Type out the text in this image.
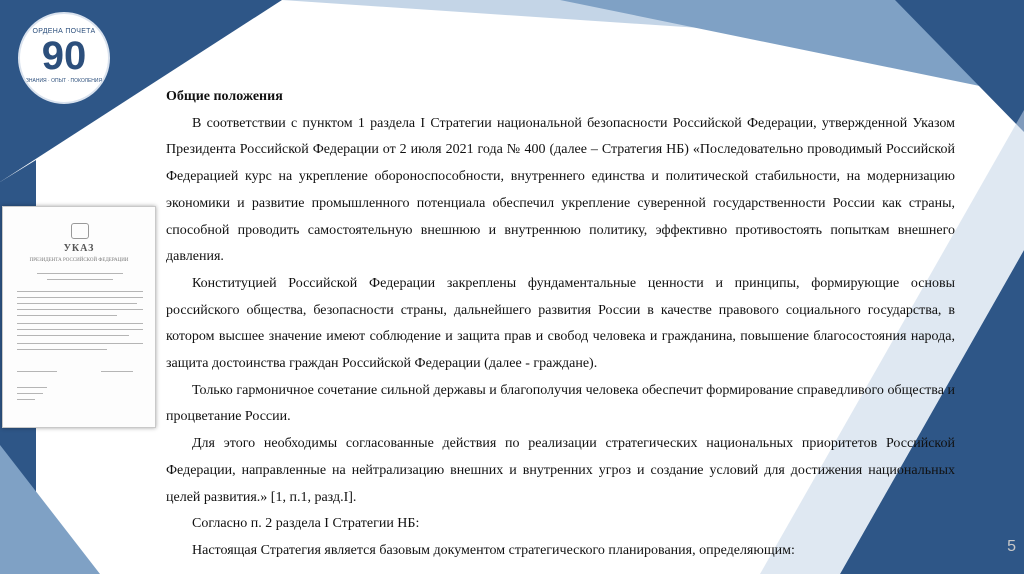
ОРДЕНА ПОЧЕТА
90
ЗНАНИЯ · ОПЫТ · ПОКОЛЕНИЯ
УКАЗ
ПРЕЗИДЕНТА РОССИЙСКОЙ ФЕДЕРАЦИИ

Общие положения

В соответствии с пунктом 1 раздела I Стратегии национальной безопасности Российской Федерации, утвержденной Указом Президента Российской Федерации от 2 июля 2021 года № 400 (далее – Стратегия НБ) «Последовательно проводимый Российской Федерацией курс на укрепление обороноспособности, внутреннего единства и политической стабильности, на модернизацию экономики и развитие промышленного потенциала обеспечил укрепление суверенной государственности России как страны, способной проводить самостоятельную внешнюю и внутреннюю политику, эффективно противостоять попыткам внешнего давления.

Конституцией Российской Федерации закреплены фундаментальные ценности и принципы, формирующие основы российского общества, безопасности страны, дальнейшего развития России в качестве правового социального государства, в котором высшее значение имеют соблюдение и защита прав и свобод человека и гражданина, повышение благосостояния народа, защита достоинства граждан Российской Федерации (далее - граждане).

Только гармоничное сочетание сильной державы и благополучия человека обеспечит формирование справедливого общества и процветание России.

Для этого необходимы согласованные действия по реализации стратегических национальных приоритетов Российской Федерации, направленные на нейтрализацию внешних и внутренних угроз и создание условий для достижения национальных целей развития.» [1, п.1, разд.I].

Согласно п. 2 раздела I Стратегии НБ:

Настоящая Стратегия является базовым документом стратегического планирования, определяющим:	5
